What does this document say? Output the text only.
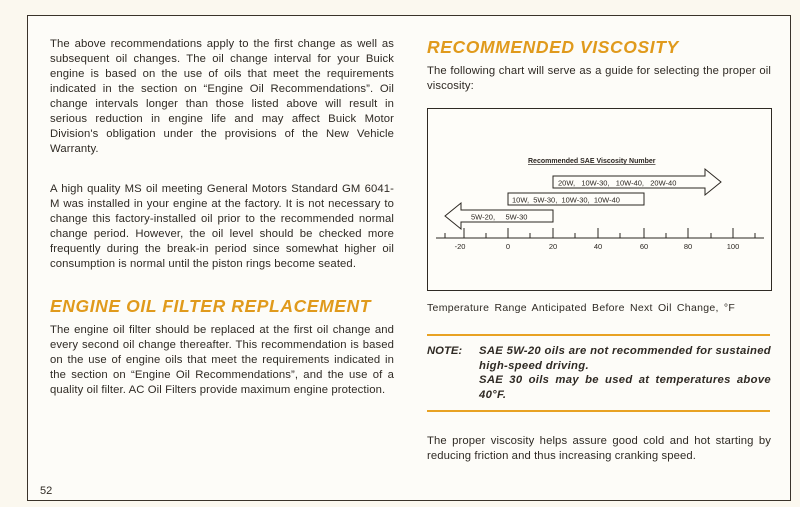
The above recommendations apply to the first change as well as subsequent oil changes. The oil change interval for your Buick engine is based on the use of oils that meet the requirements indicated in the section on “Engine Oil Recommendations”. Oil change intervals longer than those listed above will result in serious reduction in engine life and may affect Buick Motor Division's obligation under the provisions of the New Vehicle Warranty.

A high quality MS oil meeting General Motors Standard GM 6041-M was installed in your engine at the factory. It is not necessary to change this factory-installed oil prior to the recommended normal change period. However, the oil level should be checked more frequently during the break-in period since somewhat higher oil consumption is normal until the piston rings become seated.

ENGINE OIL FILTER REPLACEMENT

The engine oil filter should be replaced at the first oil change and every second oil change thereafter. This recommendation is based on the use of engine oils that meet the requirements indicated in the section on “Engine Oil Recommendations”, and the use of a quality oil filter. AC Oil Filters provide maximum engine protection.

52
RECOMMENDED VISCOSITY

The following chart will serve as a guide for selecting the proper oil viscosity:

Recommended SAE Viscosity Number
20W,   10W-30,   10W-40,   20W-40
10W,  5W-30,  10W-30,  10W-40
5W-20,     5W-30
-20	0	20	40	60	80	100
Temperature Range Anticipated Before Next Oil Change, °F
NOTE: SAE 5W-20 oils are not recommended for sustained high-speed driving.
SAE 30 oils may be used at temperatures above 40°F.

The proper viscosity helps assure good cold and hot starting by reducing friction and thus increasing cranking speed.
